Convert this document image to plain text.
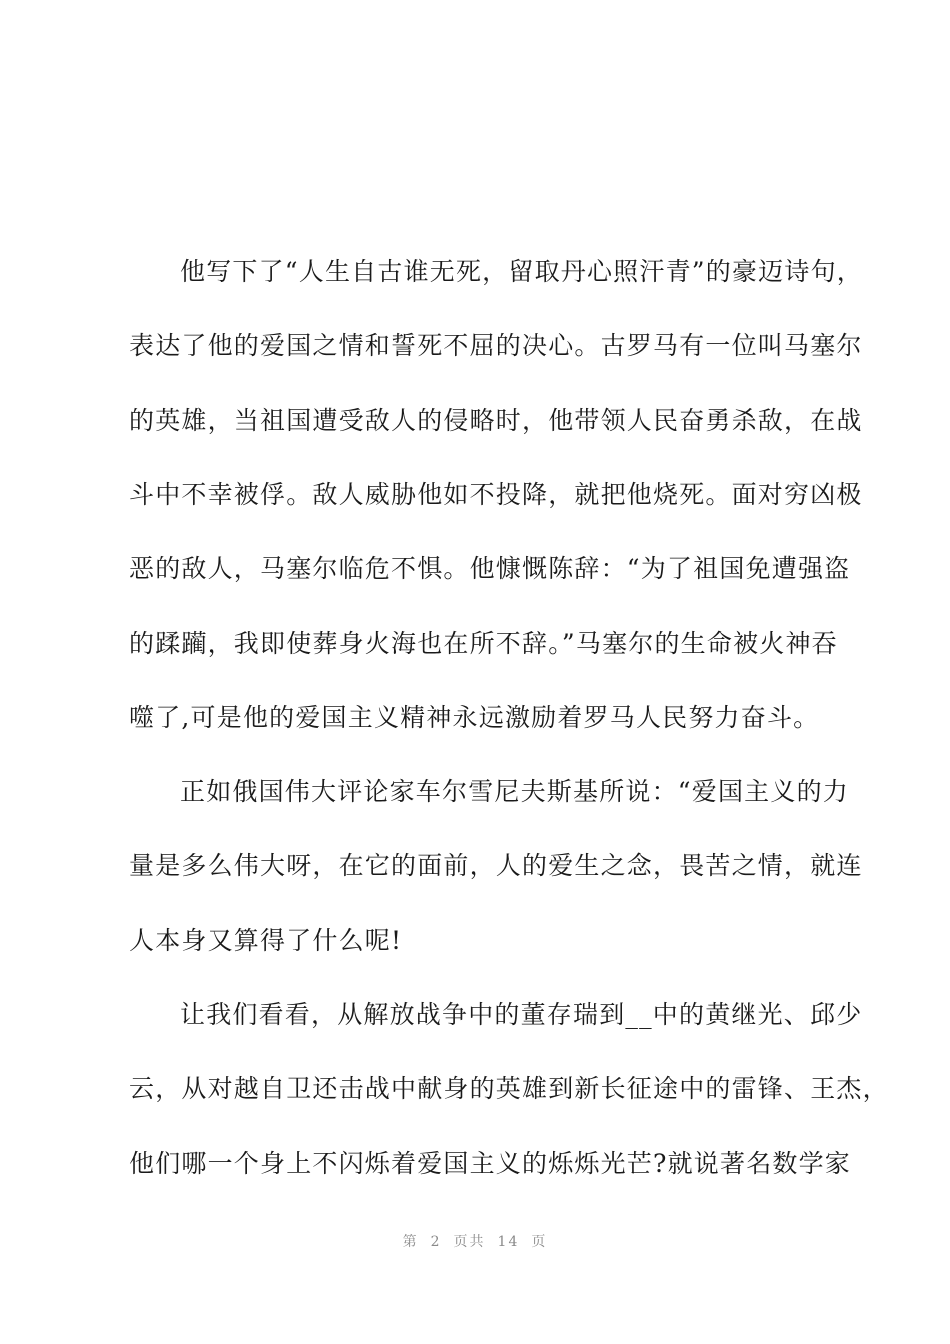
他写下了“人生自古谁无死，留取丹心照汗青”的豪迈诗句，
表达了他的爱国之情和誓死不屈的决心。古罗马有一位叫马塞尔
的英雄，当祖国遭受敌人的侵略时，他带领人民奋勇杀敌，在战
斗中不幸被俘。敌人威胁他如不投降，就把他烧死。面对穷凶极
恶的敌人，马塞尔临危不惧。他慷慨陈辞：“为了祖国免遭强盗
的蹂躏，我即使葬身火海也在所不辞。”马塞尔的生命被火神吞
噬了,可是他的爱国主义精神永远激励着罗马人民努力奋斗。
正如俄国伟大评论家车尔雪尼夫斯基所说：“爱国主义的力
量是多么伟大呀，在它的面前，人的爱生之念，畏苦之情，就连
人本身又算得了什么呢!
让我们看看，从解放战争中的董存瑞到__中的黄继光、邱少
云，从对越自卫还击战中献身的英雄到新长征途中的雷锋、王杰，
他们哪一个身上不闪烁着爱国主义的烁烁光芒?就说著名数学家
第 2 页共 14 页
